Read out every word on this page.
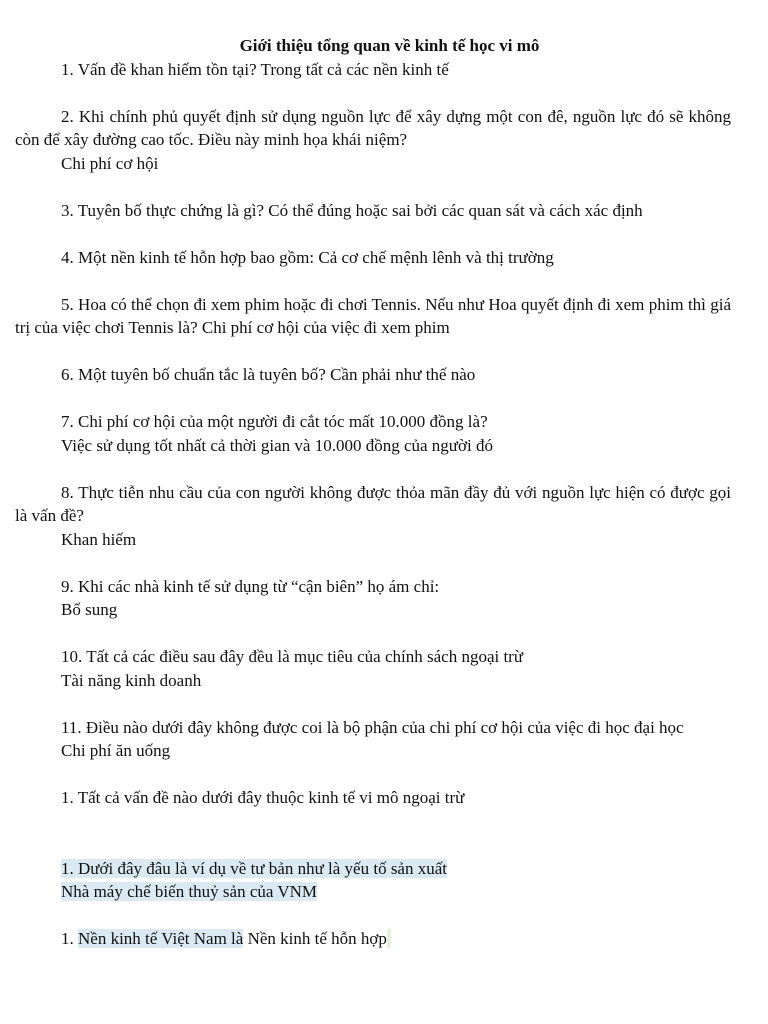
Giới thiệu tổng quan về kinh tế học vi mô

1. Vấn đề khan hiếm tồn tại? Trong tất cả các nền kinh tế

2. Khi chính phủ quyết định sử dụng nguồn lực để xây dựng một con đê, nguồn lực đó sẽ không còn để xây đường cao tốc. Điều này minh họa khái niệm?

Chi phí cơ hội

3. Tuyên bố thực chứng là gì? Có thể đúng hoặc sai bởi các quan sát và cách xác định

4. Một nền kinh tế hỗn hợp bao gồm: Cả cơ chế mệnh lênh và thị trường

5. Hoa có thể chọn đi xem phim hoặc đi chơi Tennis. Nếu như Hoa quyết định đi xem phim thì giá trị của việc chơi Tennis là? Chi phí cơ hội của việc đi xem phim

6. Một tuyên bố chuẩn tắc là tuyên bố? Cần phải như thế nào

7. Chi phí cơ hội của một người đi cắt tóc mất 10.000 đồng là?

Việc sử dụng tốt nhất cả thời gian và 10.000 đồng của người đó

8. Thực tiễn nhu cầu của con người không được thỏa mãn đầy đủ với nguồn lực hiện có được gọi là vấn đề?

Khan hiếm

9. Khi các nhà kinh tế sử dụng từ “cận biên” họ ám chỉ:

Bổ sung

10. Tất cả các điều sau đây đều là mục tiêu của chính sách ngoại trừ

Tài năng kinh doanh

11. Điều nào dưới đây không được coi là bộ phận của chi phí cơ hội của việc đi học đại học

Chi phí ăn uống

1. Tất cả vấn đề nào dưới đây thuộc kinh tế vi mô ngoại trừ

1. Dưới đây đâu là ví dụ về tư bản như là yếu tố sản xuất

Nhà máy chế biến thuỷ sản của VNM

1. Nền kinh tế Việt Nam là Nền kinh tế hỗn hợp
